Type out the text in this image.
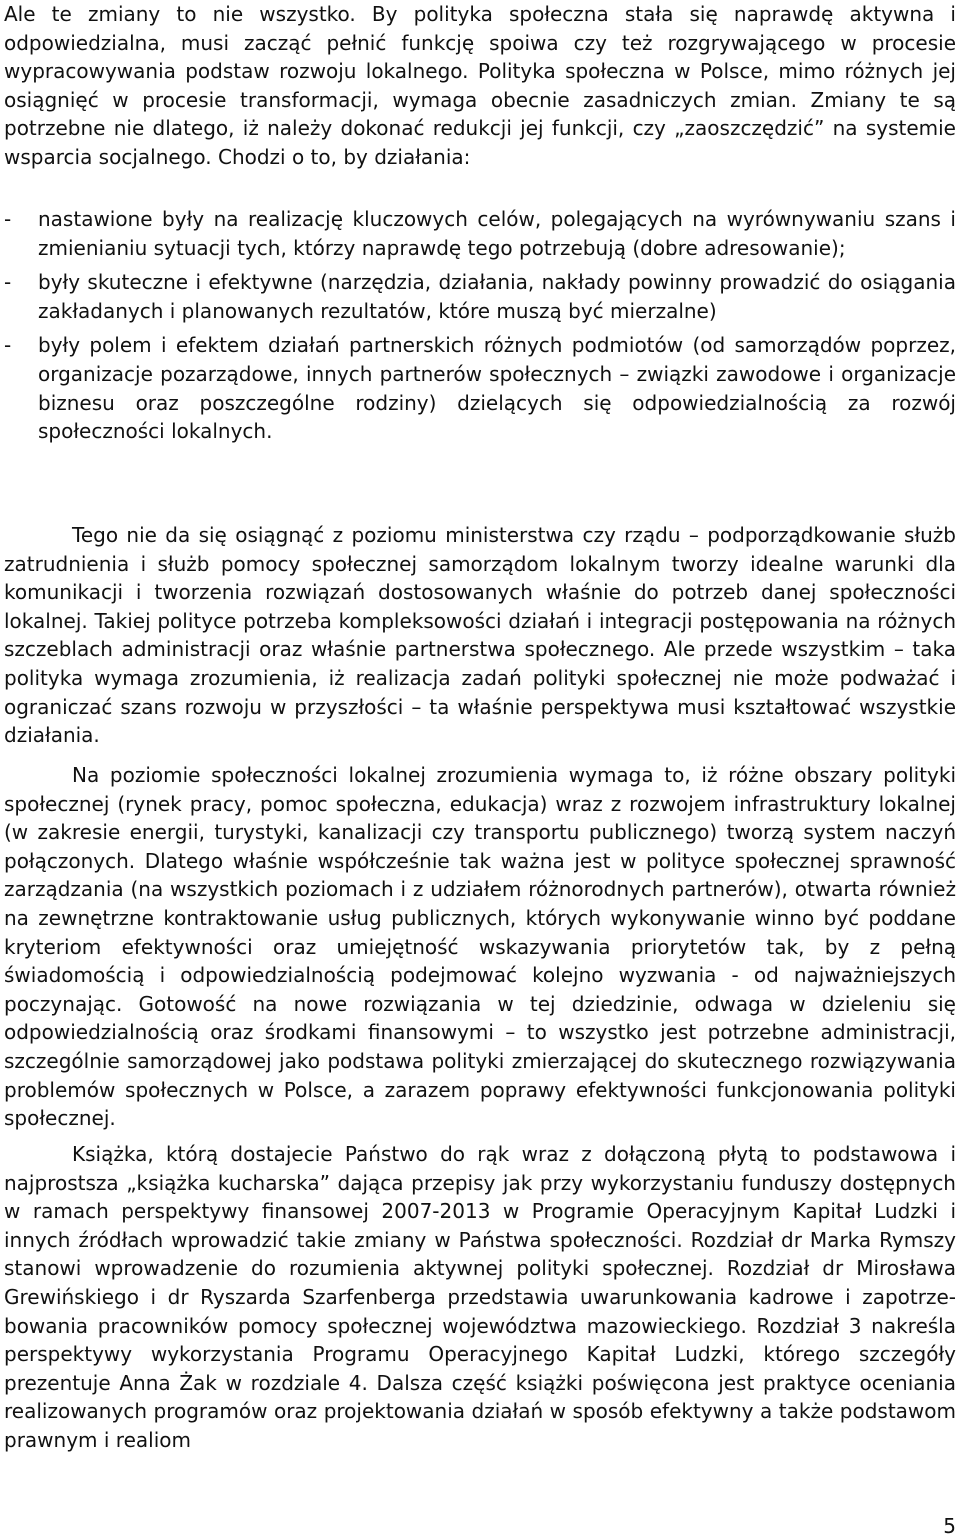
Ale te zmiany to nie wszystko. By polityka społeczna stała się naprawdę aktywna i odpowiedzialna, musi zacząć pełnić funkcję spoiwa czy też rozgrywającego w procesie wypracowywania podstaw rozwoju lokalnego. Polityka społeczna w Polsce, mimo różnych jej osiągnięć w procesie transformacji, wymaga obecnie zasadniczych zmian. Zmiany te są potrzebne nie dlatego, iż należy dokonać redukcji jej funkcji, czy „zaoszczędzić” na systemie wsparcia socjalnego. Chodzi o to, by działania:

- nastawione były na realizację kluczowych celów, polegających na wyrównywaniu szans i zmienianiu sytuacji tych, którzy naprawdę tego potrzebują (dobre adresowanie);
- były skuteczne i efektywne (narzędzia, działania, nakłady powinny prowadzić do osiągania zakładanych i planowanych rezultatów, które muszą być mierzalne)
- były polem i efektem działań partnerskich różnych podmiotów (od samorządów poprzez, organizacje pozarządowe, innych partnerów społecznych – związki zawodowe i organizacje biznesu oraz poszczególne rodziny) dzielących się odpowiedzialnością za rozwój społeczności lokalnych.

Tego nie da się osiągnąć z poziomu ministerstwa czy rządu – podporządkowanie służb zatrudnienia i służb pomocy społecznej samorządom lokalnym tworzy idealne warunki dla komunikacji i tworzenia rozwiązań dostosowanych właśnie do potrzeb danej społeczności lokalnej. Takiej polityce potrzeba kompleksowości działań i integracji postępowania na różnych szczeblach administracji oraz właśnie partnerstwa społecznego. Ale przede wszystkim – taka polityka wymaga zrozumienia, iż realizacja zadań polityki społecznej nie może podważać i ograniczać szans rozwoju w przyszłości – ta właśnie perspektywa musi kształtować wszystkie działania.

Na poziomie społeczności lokalnej zrozumienia wymaga to, iż różne obszary polityki społecznej (rynek pracy, pomoc społeczna, edukacja) wraz z rozwojem infrastruktury lokalnej (w zakresie energii, turystyki, kanalizacji czy transportu publicznego) tworzą system naczyń połączonych. Dlatego właśnie współcześnie tak ważna jest w polityce społecznej sprawność zarządzania (na wszystkich poziomach i z udziałem różnorodnych partnerów), otwarta również na zewnętrzne kontraktowanie usług publicznych, których wykonywanie winno być poddane kryteriom efektywności oraz umiejętność wskazywania priorytetów tak, by z pełną świadomością i odpowiedzialnością podejmować kolejno wyzwania - od najważniejszych poczynając. Gotowość na nowe rozwiązania w tej dziedzinie, odwaga w dzieleniu się odpowiedzialnością oraz środkami finansowymi – to wszystko jest potrzebne administracji, szczególnie samorządowej jako podstawa polityki zmierzającej do skutecznego rozwiązywania problemów społecznych w Polsce, a zarazem poprawy efektywności funkcjonowania polityki społecznej.

Książka, którą dostajecie Państwo do rąk wraz z dołączoną płytą to podstawowa i najprostsza „książka kucharska” dająca przepisy jak przy wykorzystaniu funduszy dostępnych w ramach perspektywy finansowej 2007-2013 w Programie Operacyjnym Kapitał Ludzki i innych źródłach wprowadzić takie zmiany w Państwa społeczności. Rozdział dr Marka Rymszy stanowi wprowadzenie do rozumienia aktywnej polityki społecznej. Rozdział dr Mirosława Grewińskiego i dr Ryszarda Szarfenberga przedstawia uwarunkowania kadrowe i zapotrze-bowania pracowników pomocy społecznej województwa mazowieckiego. Rozdział 3 nakreśla perspektywy wykorzystania Programu Operacyjnego Kapitał Ludzki, którego szczegóły prezentuje Anna Żak w rozdziale 4. Dalsza część książki poświęcona jest praktyce oceniania realizowanych programów oraz projektowania działań w sposób efektywny a także podstawom prawnym i realiom

5
